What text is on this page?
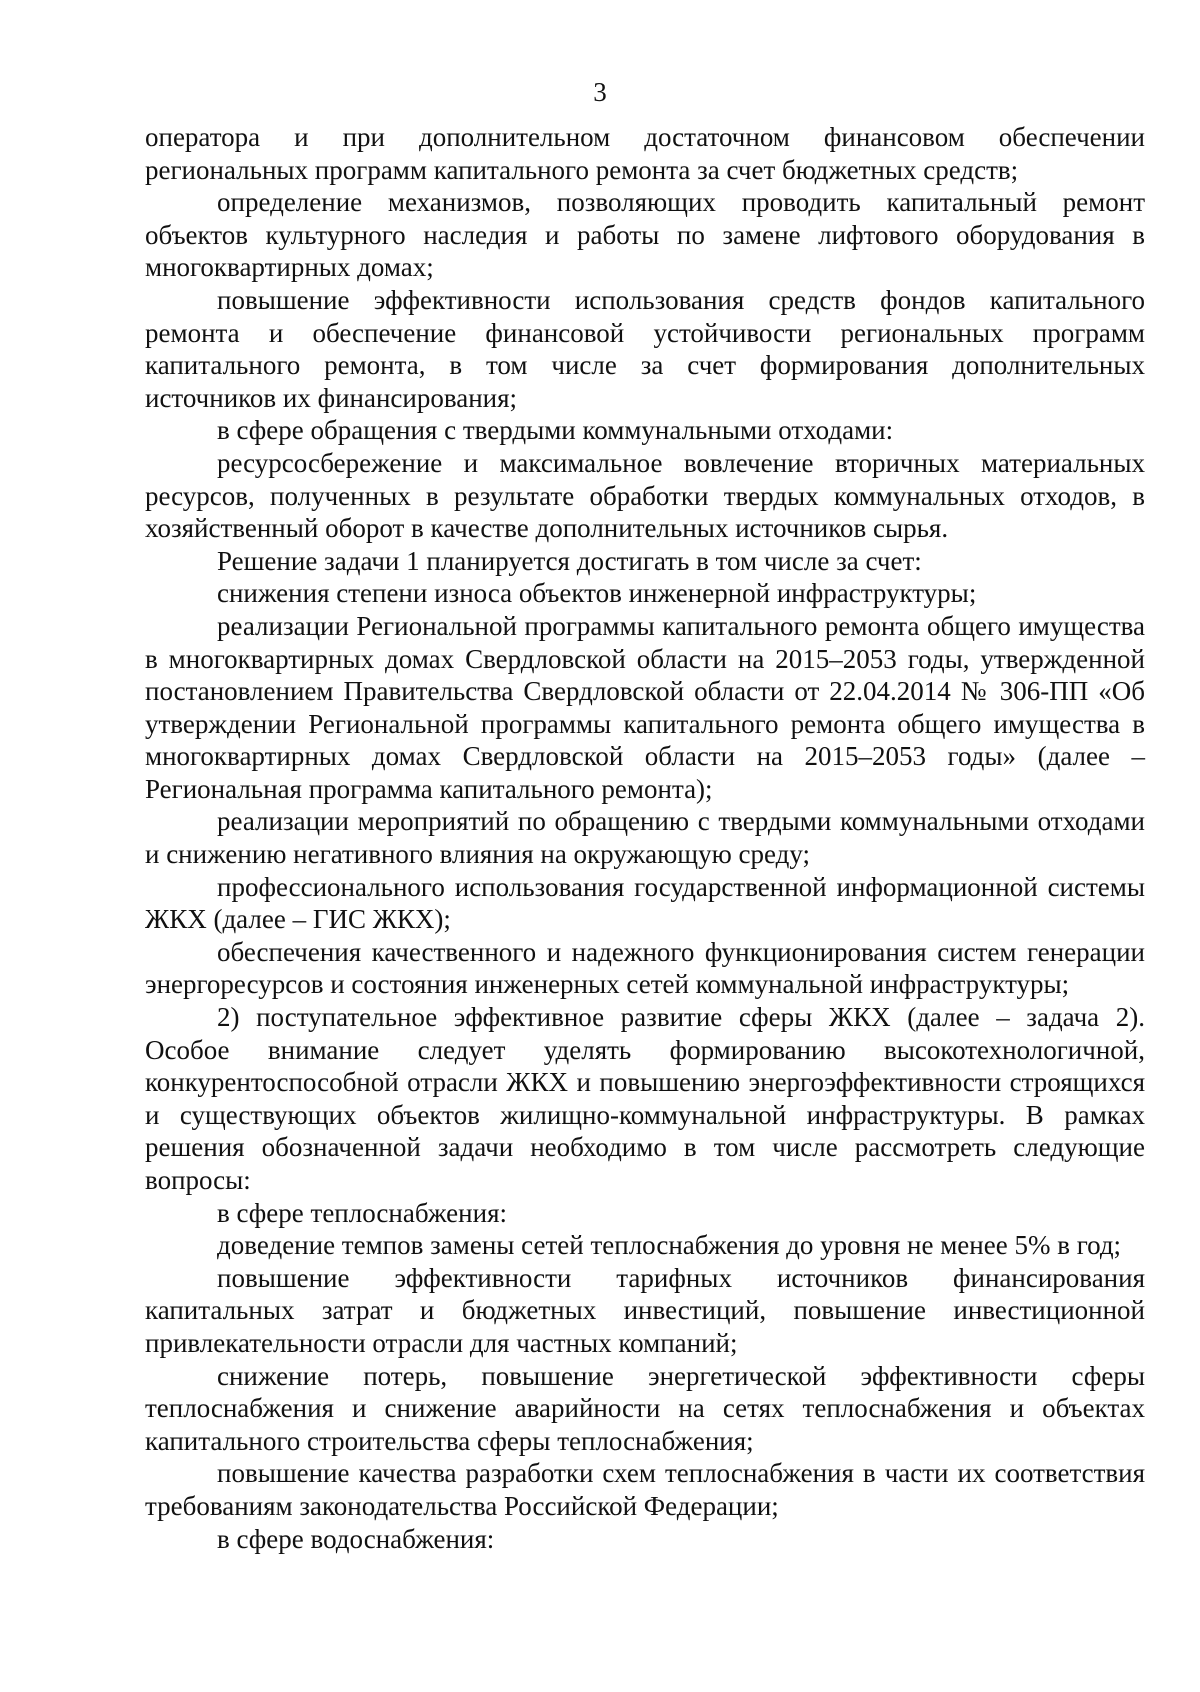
3

оператора и при дополнительном достаточном финансовом обеспечении региональных программ капитального ремонта за счет бюджетных средств;

определение механизмов, позволяющих проводить капитальный ремонт объектов культурного наследия и работы по замене лифтового оборудования в многоквартирных домах;

повышение эффективности использования средств фондов капитального ремонта и обеспечение финансовой устойчивости региональных программ капитального ремонта, в том числе за счет формирования дополнительных источников их финансирования;

в сфере обращения с твердыми коммунальными отходами:

ресурсосбережение и максимальное вовлечение вторичных материальных ресурсов, полученных в результате обработки твердых коммунальных отходов, в хозяйственный оборот в качестве дополнительных источников сырья.

Решение задачи 1 планируется достигать в том числе за счет:

снижения степени износа объектов инженерной инфраструктуры;

реализации Региональной программы капитального ремонта общего имущества в многоквартирных домах Свердловской области на 2015–2053 годы, утвержденной постановлением Правительства Свердловской области от 22.04.2014 № 306-ПП «Об утверждении Региональной программы капитального ремонта общего имущества в многоквартирных домах Свердловской области на 2015–2053 годы» (далее – Региональная программа капитального ремонта);

реализации мероприятий по обращению с твердыми коммунальными отходами и снижению негативного влияния на окружающую среду;

профессионального использования государственной информационной системы ЖКХ (далее – ГИС ЖКХ);

обеспечения качественного и надежного функционирования систем генерации энергоресурсов и состояния инженерных сетей коммунальной инфраструктуры;

2) поступательное эффективное развитие сферы ЖКХ (далее – задача 2). Особое внимание следует уделять формированию высокотехнологичной, конкурентоспособной отрасли ЖКХ и повышению энергоэффективности строящихся и существующих объектов жилищно-коммунальной инфраструктуры. В рамках решения обозначенной задачи необходимо в том числе рассмотреть следующие вопросы:

в сфере теплоснабжения:

доведение темпов замены сетей теплоснабжения до уровня не менее 5% в год;

повышение эффективности тарифных источников финансирования капитальных затрат и бюджетных инвестиций, повышение инвестиционной привлекательности отрасли для частных компаний;

снижение потерь, повышение энергетической эффективности сферы теплоснабжения и снижение аварийности на сетях теплоснабжения и объектах капитального строительства сферы теплоснабжения;

повышение качества разработки схем теплоснабжения в части их соответствия требованиям законодательства Российской Федерации;

в сфере водоснабжения:
